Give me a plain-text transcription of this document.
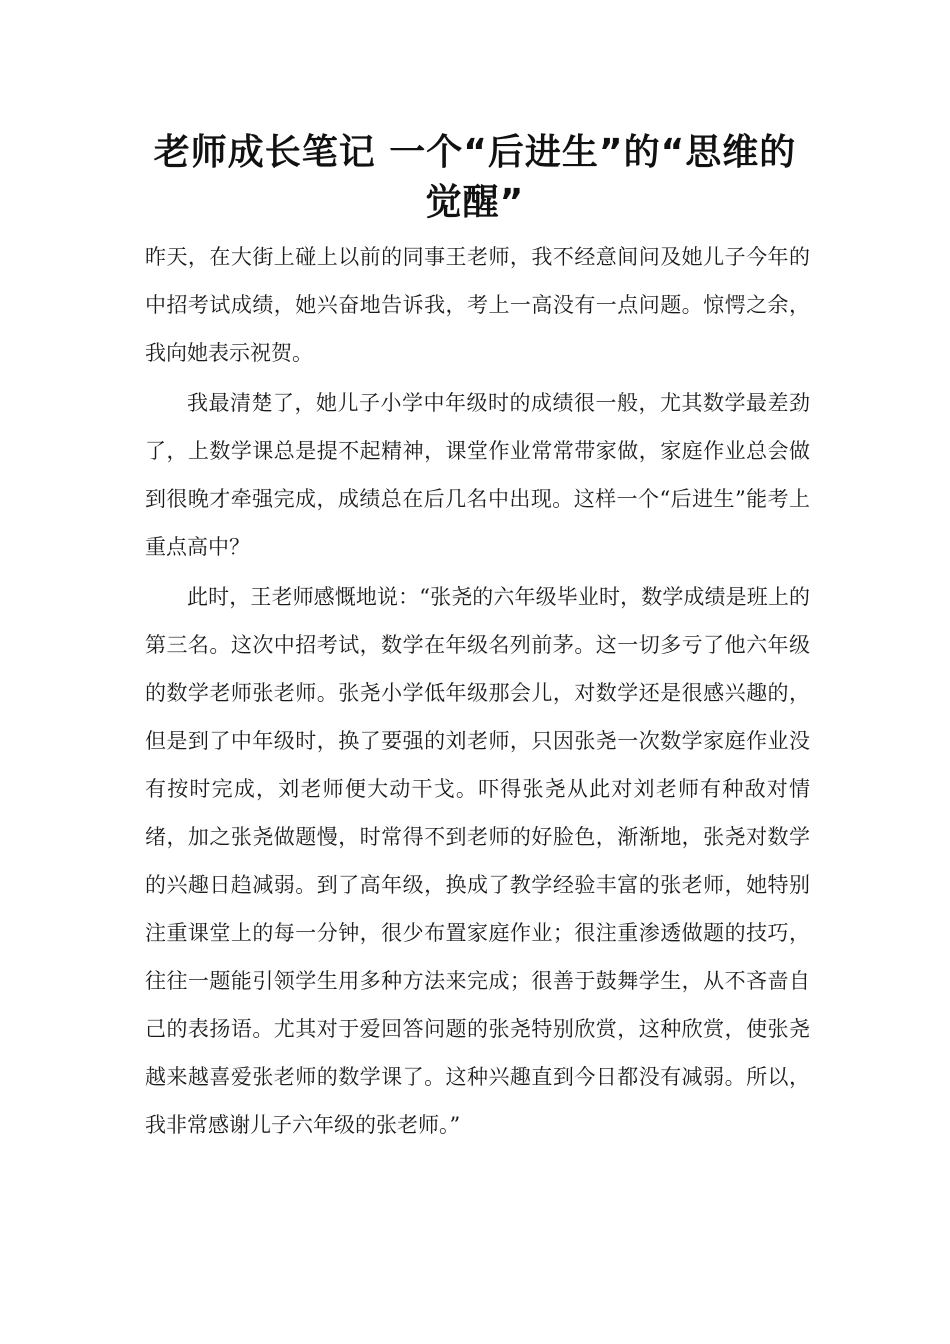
老师成长笔记 一个“后进生”的“思维的觉醒”

昨天，在大街上碰上以前的同事王老师，我不经意间问及她儿子今年的中招考试成绩，她兴奋地告诉我，考上一高没有一点问题。惊愕之余，我向她表示祝贺。

我最清楚了，她儿子小学中年级时的成绩很一般，尤其数学最差劲了，上数学课总是提不起精神，课堂作业常常带家做，家庭作业总会做到很晚才牵强完成，成绩总在后几名中出现。这样一个“后进生”能考上重点高中？

此时，王老师感慨地说：“张尧的六年级毕业时，数学成绩是班上的第三名。这次中招考试，数学在年级名列前茅。这一切多亏了他六年级的数学老师张老师。张尧小学低年级那会儿，对数学还是很感兴趣的，但是到了中年级时，换了要强的刘老师，只因张尧一次数学家庭作业没有按时完成，刘老师便大动干戈。吓得张尧从此对刘老师有种敌对情绪，加之张尧做题慢，时常得不到老师的好脸色，渐渐地，张尧对数学的兴趣日趋减弱。到了高年级，换成了教学经验丰富的张老师，她特别注重课堂上的每一分钟，很少布置家庭作业；很注重渗透做题的技巧，往往一题能引领学生用多种方法来完成；很善于鼓舞学生，从不吝啬自己的表扬语。尤其对于爱回答问题的张尧特别欣赏，这种欣赏，使张尧越来越喜爱张老师的数学课了。这种兴趣直到今日都没有减弱。所以，我非常感谢儿子六年级的张老师。”
